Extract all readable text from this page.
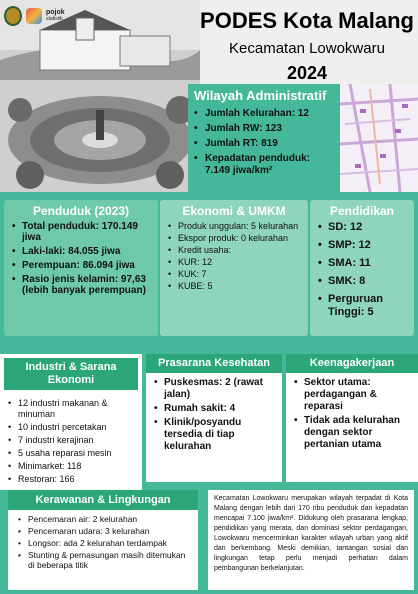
pojok
statistik	PODES Kota Malang
Kecamatan Lowokwaru
2024
Wilayah Administratif
• Jumlah Kelurahan: 12
• Jumlah RW: 123
• Jumlah RT: 819
• Kepadatan penduduk: 7.149 jiwa/km²
Penduduk (2023)
• Total penduduk: 170.149 jiwa
• Laki-laki: 84.055 jiwa
• Perempuan: 86.094 jiwa
• Rasio jenis kelamin: 97,63 (lebih banyak perempuan)
Ekonomi & UMKM
• Produk unggulan: 5 kelurahan
• Ekspor produk: 0 kelurahan
• Kredit usaha:
• KUR: 12
• KUK: 7
• KUBE: 5
Pendidikan
• SD: 12
• SMP: 12
• SMA: 11
• SMK: 8
• Perguruan Tinggi: 5
Industri & Sarana Ekonomi
• 12 industri makanan & minuman
• 10 industri percetakan
• 7 industri kerajinan
• 5 usaha reparasi mesin
• Minimarket: 118
• Restoran: 166
Prasarana Kesehatan
• Puskesmas: 2 (rawat jalan)
• Rumah sakit: 4
• Klinik/posyandu tersedia di tiap kelurahan
Keenagakerjaan
• Sektor utama: perdagangan & reparasi
• Tidak ada kelurahan dengan sektor pertanian utama
Kerawanan & Lingkungan
• Pencemaran air: 2 kelurahan
• Pencemaran udara: 3 kelurahan
• Longsor: ada 2 kelurahan terdampak
• Stunting & pemasungan masih ditemukan di beberapa titik
Kecamatan Lowokwaru merupakan wilayah terpadat di Kota Malang dengan lebih dari 170 ribu penduduk dan kepadatan mencapai 7.100 jiwa/km². Didukung oleh prasarana lengkap, pendidikan yang merata, dan dominasi sektor perdagangan, Lowokwaru mencerminkan karakter wilayah urban yang aktif dan berkembang. Meski demikian, tantangan sosial dan lingkungan tetap perlu menjadi perhatian dalam pembangunan berkelanjutan.
